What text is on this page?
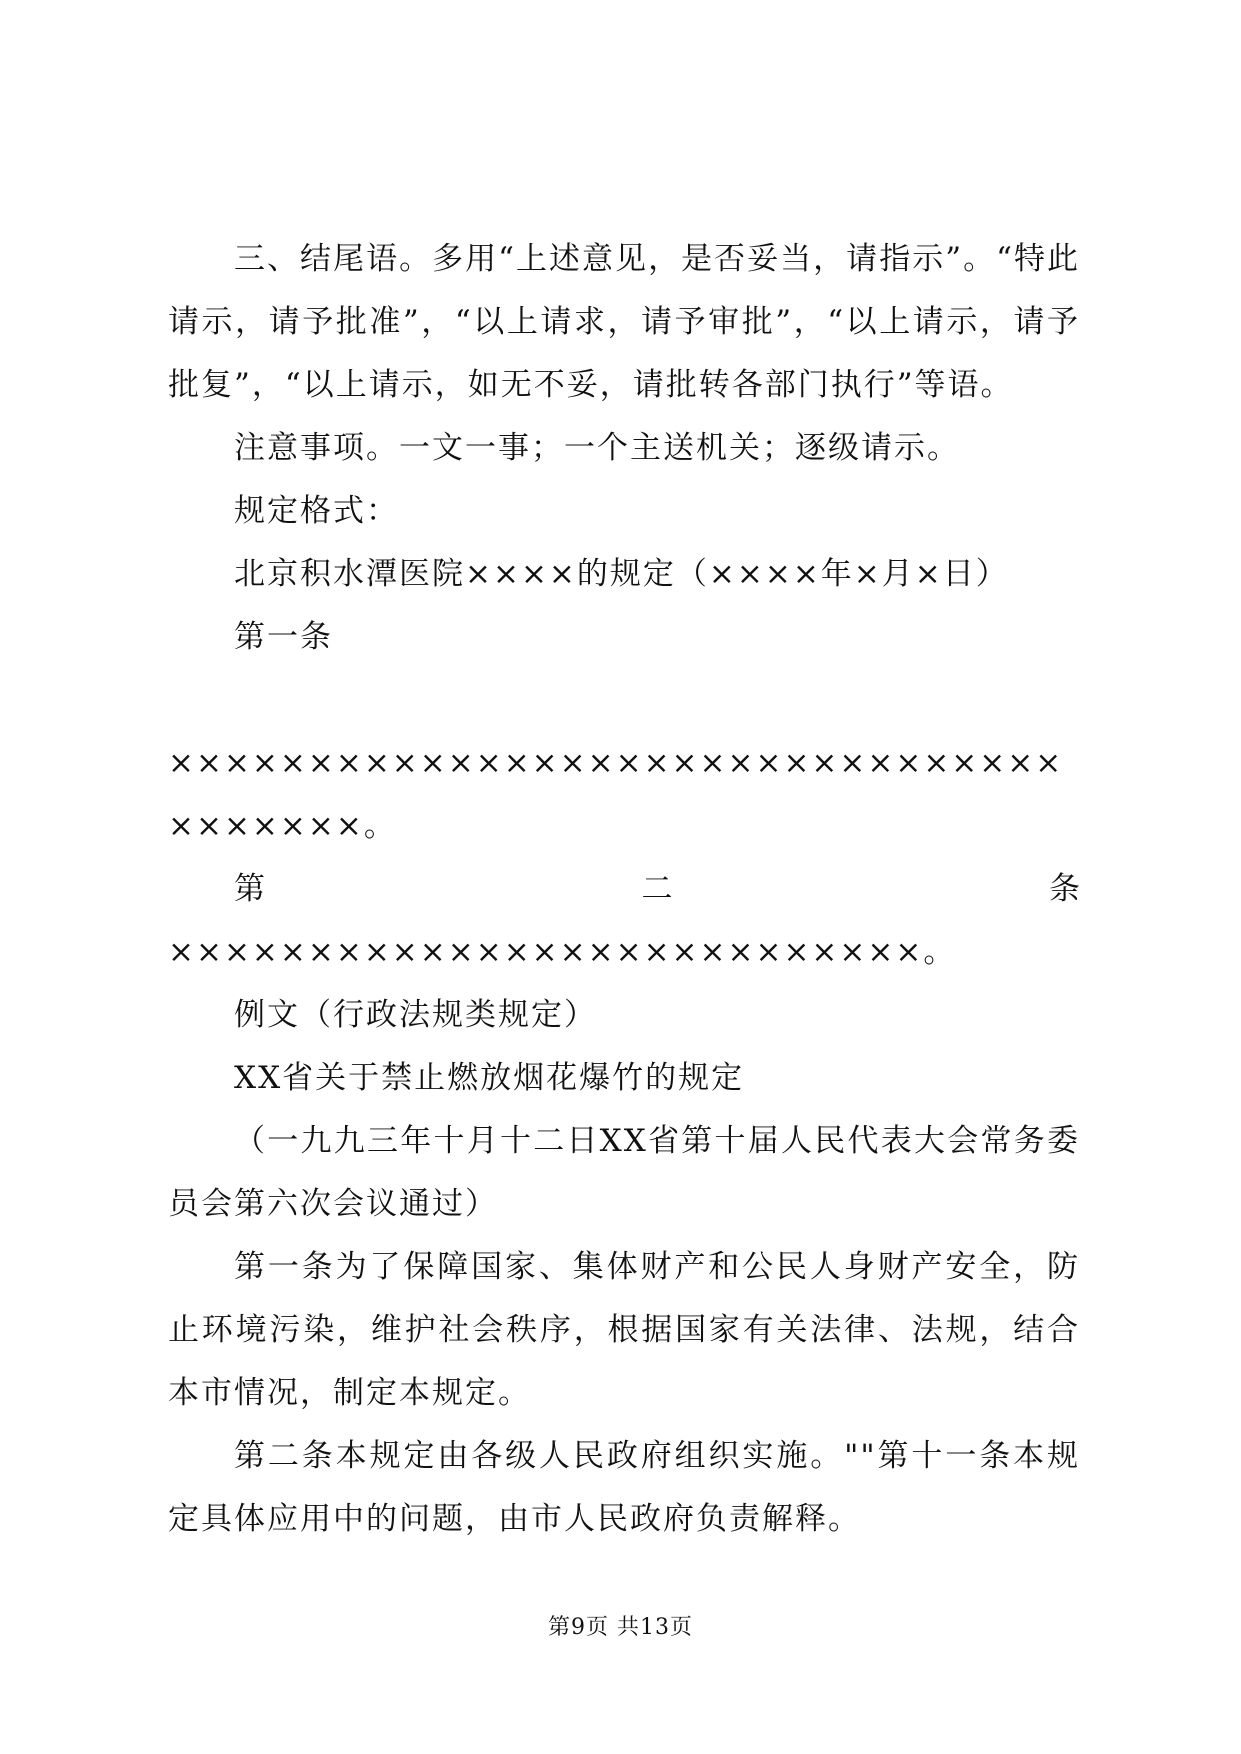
三、结尾语。多用“上述意见，是否妥当，请指示”。“特此请示，请予批准”，“以上请求，请予审批”，“以上请示，请予批复”，“以上请示，如无不妥，请批转各部门执行”等语。

注意事项。一文一事；一个主送机关；逐级请示。

规定格式：

北京积水潭医院××××的规定（××××年×月×日）

第一条

×××××××××××××××××××××××××××××××××××××××。

第	二	条

×××××××××××××××××××××××××××。

例文（行政法规类规定）

XX省关于禁止燃放烟花爆竹的规定

（一九九三年十月十二日XX省第十届人民代表大会常务委员会第六次会议通过）

第一条为了保障国家、集体财产和公民人身财产安全，防止环境污染，维护社会秩序，根据国家有关法律、法规，结合本市情况，制定本规定。

第二条本规定由各级人民政府组织实施。""第十一条本规定具体应用中的问题，由市人民政府负责解释。

第9页 共13页
